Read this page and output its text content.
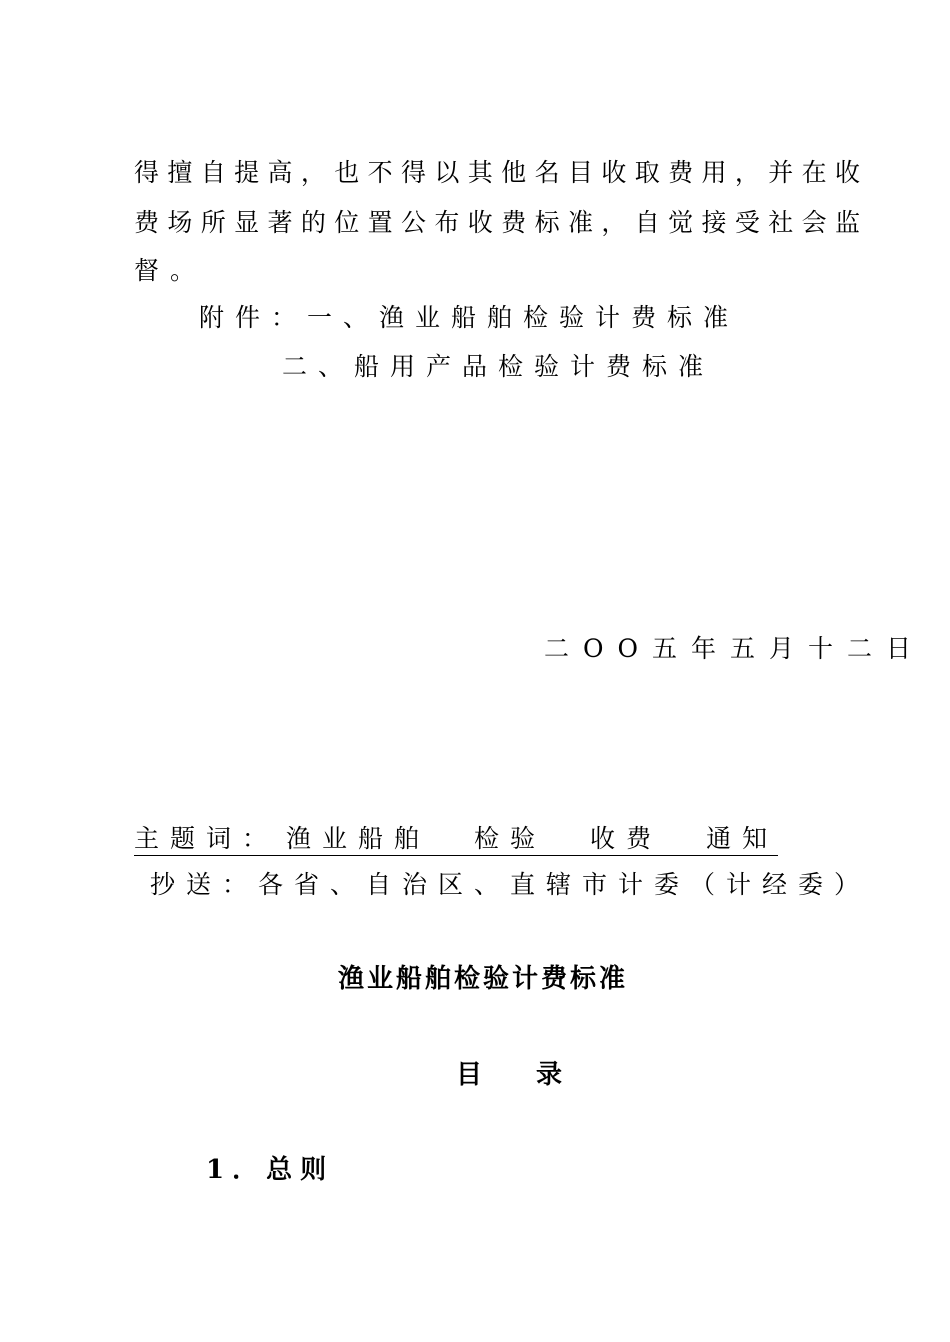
得擅自提高，也不得以其他名目收取费用，并在收
费场所显著的位置公布收费标准，自觉接受社会监
督。
附件：一、渔业船舶检验计费标准
二、船用产品检验计费标准
二OO五年五月十二日
主题词： 渔业船舶 检验 收费 通知
抄送：各省、自治区、直辖市计委（计经委）
渔业船舶检验计费标准
目　录
1．总则
